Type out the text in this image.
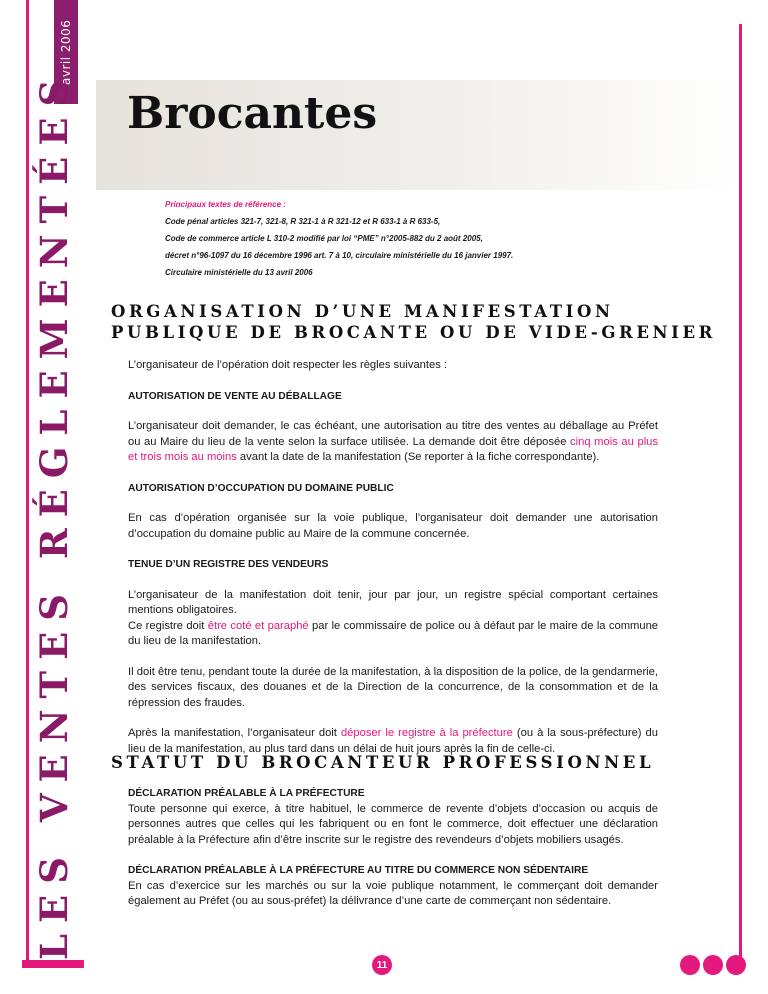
avril 2006
LES VENTES RÉGLEMENTÉES Brocantes
Principaux textes de référence :
Code pénal articles 321-7, 321-8, R 321-1 à R 321-12 et R 633-1 à R 633-5,
Code de commerce article L 310-2 modifié par loi “PME” n°2005-882 du 2 août 2005,
décret n°96-1097 du 16 décembre 1996 art. 7 à 10, circulaire ministérielle du 16 janvier 1997.
Circulaire ministérielle du 13 avril 2006
ORGANISATION D’UNE MANIFESTATION
PUBLIQUE DE BROCANTE OU DE VIDE-GRENIER

L’organisateur de l’opération doit respecter les règles suivantes :

AUTORISATION DE VENTE AU DÉBALLAGE

L’organisateur doit demander, le cas échéant, une autorisation au titre des ventes au déballage au Préfet ou au Maire du lieu de la vente selon la surface utilisée. La demande doit être déposée cinq mois au plus et trois mois au moins avant la date de la manifestation (Se reporter à la fiche correspondante).

AUTORISATION D’OCCUPATION DU DOMAINE PUBLIC

En cas d’opération organisée sur la voie publique, l’organisateur doit demander une autorisation d’occupation du domaine public au Maire de la commune concernée.

TENUE D’UN REGISTRE DES VENDEURS

L’organisateur de la manifestation doit tenir, jour par jour, un registre spécial comportant certaines mentions obligatoires.

Ce registre doit être coté et paraphé par le commissaire de police ou à défaut par le maire de la commune du lieu de la manifestation.

Il doit être tenu, pendant toute la durée de la manifestation, à la disposition de la police, de la gendarmerie, des services fiscaux, des douanes et de la Direction de la concurrence, de la consommation et de la répression des fraudes.

Après la manifestation, l’organisateur doit déposer le registre à la préfecture (ou à la sous-préfecture) du lieu de la manifestation, au plus tard dans un délai de huit jours après la fin de celle-ci.

STATUT DU BROCANTEUR PROFESSIONNEL

DÉCLARATION PRÉALABLE À LA PRÉFECTURE

Toute personne qui exerce, à titre habituel, le commerce de revente d’objets d’occasion ou acquis de personnes autres que celles qui les fabriquent ou en font le commerce, doit effectuer une déclaration préalable à la Préfecture afin d’être inscrite sur le registre des revendeurs d’objets mobiliers usagés.

DÉCLARATION PRÉALABLE À LA PRÉFECTURE AU TITRE DU COMMERCE NON SÉDENTAIRE

En cas d’exercice sur les marchés ou sur la voie publique notamment, le commerçant doit demander également au Préfet (ou au sous-préfet) la délivrance d’une carte de commerçant non sédentaire.

11
